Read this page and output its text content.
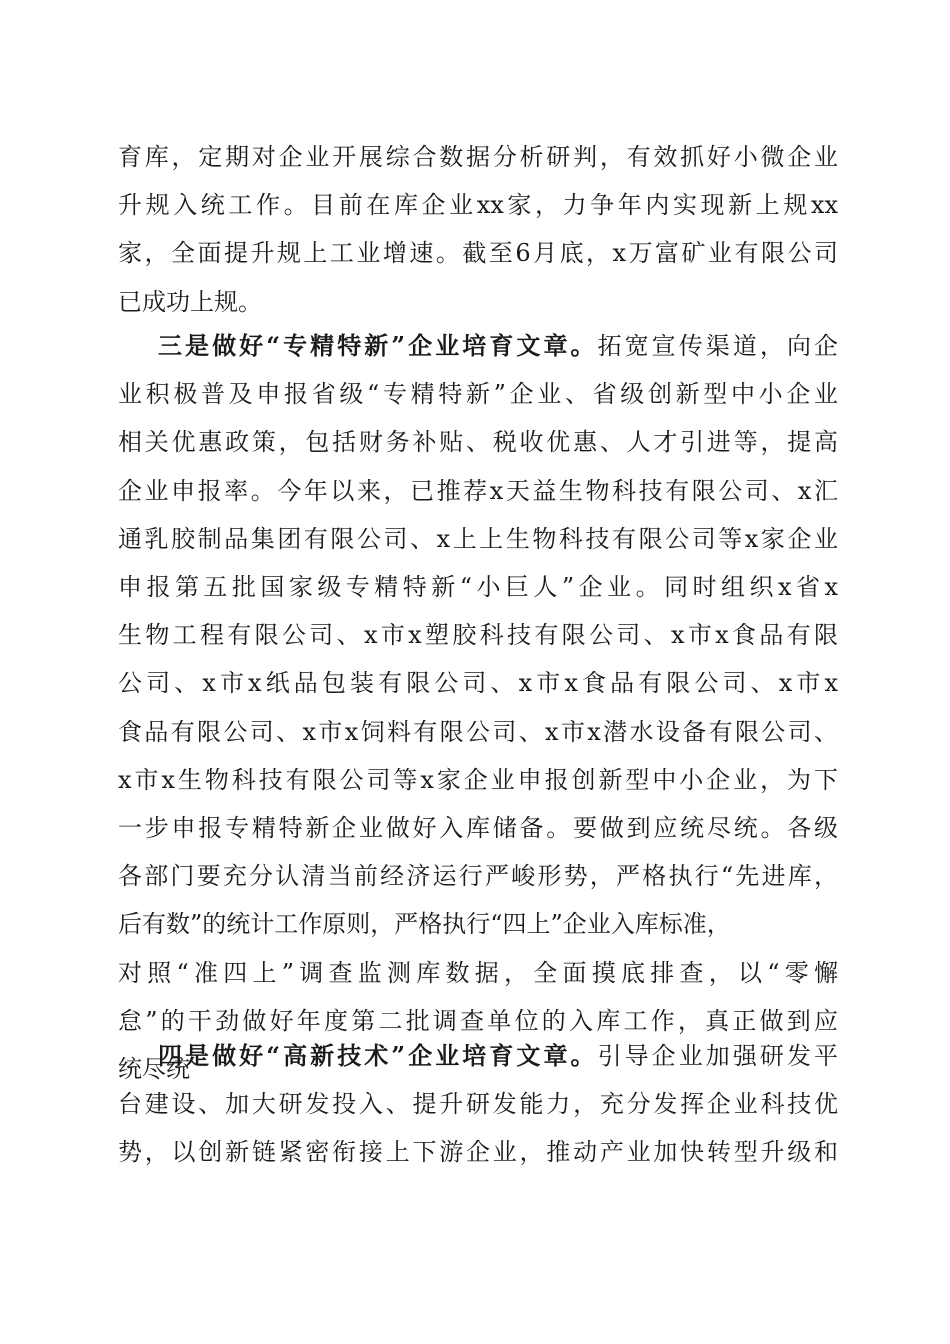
育库，定期对企业开展综合数据分析研判，有效抓好小微企业
升规入统工作。目前在库企业xx家，力争年内实现新上规xx
家，全面提升规上工业增速。截至6月底，x万富矿业有限公司
已成功上规。
三是做好“专精特新”企业培育文章。拓宽宣传渠道，向企
业积极普及申报省级“专精特新”企业、省级创新型中小企业
相关优惠政策，包括财务补贴、税收优惠、人才引进等，提高
企业申报率。今年以来，已推荐x天益生物科技有限公司、x汇
通乳胶制品集团有限公司、x上上生物科技有限公司等x家企业
申报第五批国家级专精特新“小巨人”企业。同时组织x省x
生物工程有限公司、x市x塑胶科技有限公司、x市x食品有限
公司、x市x纸品包装有限公司、x市x食品有限公司、x市x
食品有限公司、x市x饲料有限公司、x市x潜水设备有限公司、
x市x生物科技有限公司等x家企业申报创新型中小企业，为下
一步申报专精特新企业做好入库储备。要做到应统尽统。各级
各部门要充分认清当前经济运行严峻形势，严格执行“先进库，
后有数”的统计工作原则，严格执行“四上”企业入库标准，
对照“准四上”调查监测库数据，全面摸底排查，以“零懈
怠”的干劲做好年度第二批调查单位的入库工作，真正做到应
统尽统
四是做好“高新技术”企业培育文章。引导企业加强研发平
台建设、加大研发投入、提升研发能力，充分发挥企业科技优
势，以创新链紧密衔接上下游企业，推动产业加快转型升级和
